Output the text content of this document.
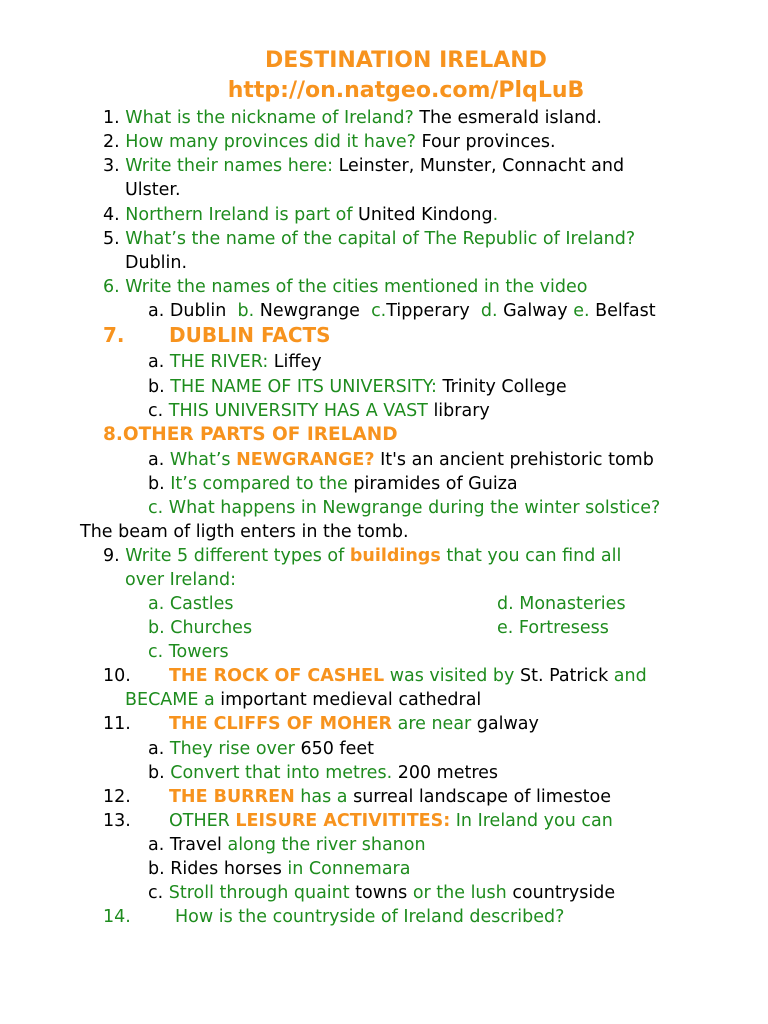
DESTINATION IRELAND
http://on.natgeo.com/PlqLuB
1. What is the nickname of Ireland? The esmerald island.
2. How many provinces did it have? Four provinces.
3. Write their names here: Leinster, Munster, Connacht and
Ulster.
4. Northern Ireland is part of United Kindong.
5. What’s the name of the capital of The Republic of Ireland?
Dublin.
6. Write the names of the cities mentioned in the video
a. Dublin b. Newgrange c.Tipperary d. Galway e. Belfast
7. DUBLIN FACTS
a. THE RIVER: Liffey
b. THE NAME OF ITS UNIVERSITY: Trinity College
c. THIS UNIVERSITY HAS A VAST library
8.OTHER PARTS OF IRELAND
a. What’s NEWGRANGE? It's an ancient prehistoric tomb
b. It’s compared to the piramides of Guiza
c. What happens in Newgrange during the winter solstice?
The beam of ligth enters in the tomb.
9. Write 5 different types of buildings that you can find all
over Ireland:
a. Castles	d. Monasteries
b. Churches	e. Fortresess
c. Towers
10.	THE ROCK OF CASHEL was visited by St. Patrick and
BECAME a important medieval cathedral
11.	THE CLIFFS OF MOHER are near galway
a. They rise over 650 feet
b. Convert that into metres. 200 metres
12.	THE BURREN has a surreal landscape of limestoe
13.	OTHER LEISURE ACTIVITITES: In Ireland you can
a. Travel along the river shanon
b. Rides horses in Connemara
c. Stroll through quaint towns or the lush countryside
14.	How is the countryside of Ireland described?
